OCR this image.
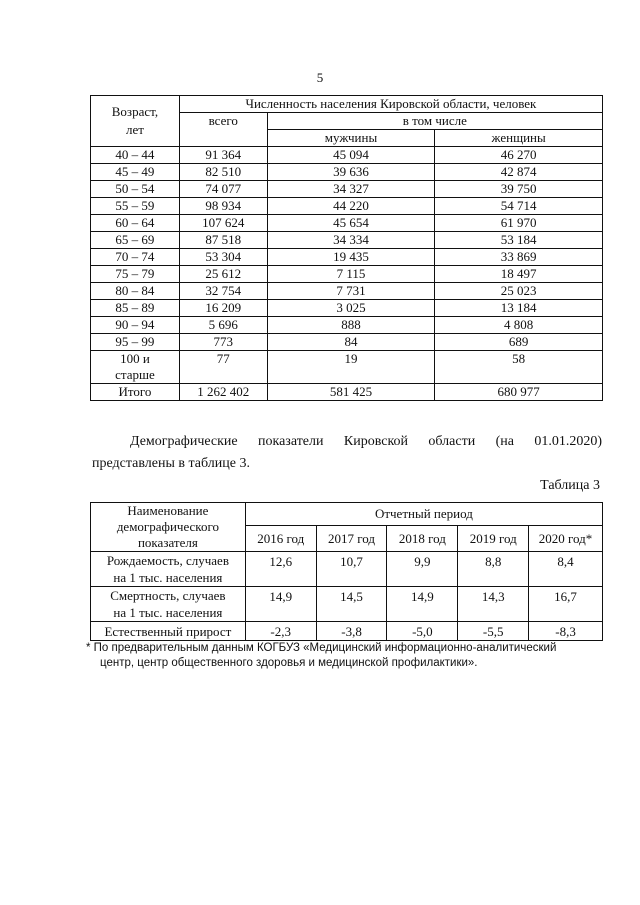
5
Возраст,
лет	Численность населения Кировской области, человек		
	всего	в том числе	
		мужчины	женщины
40 – 44	91 364	45 094	46 270
45 – 49	82 510	39 636	42 874
50 – 54	74 077	34 327	39 750
55 – 59	98 934	44 220	54 714
60 – 64	107 624	45 654	61 970
65 – 69	87 518	34 334	53 184
70 – 74	53 304	19 435	33 869
75 – 79	25 612	7 115	18 497
80 – 84	32 754	7 731	25 023
85 – 89	16 209	3 025	13 184
90 – 94	5 696	888	4 808
95 – 99	773	84	689
100 и
старше	77	19	58
Итого	1 262 402	581 425	680 977
Демографические показатели Кировской области (на 01.01.2020)
представлены в таблице 3.
Таблица 3
Наименование
демографического
показателя	Отчетный период				
	2016 год	2017 год	2018 год	2019 год	2020 год*
Рождаемость, случаев
на 1 тыс. населения	12,6	10,7	9,9	8,8	8,4
Смертность, случаев
на 1 тыс. населения	14,9	14,5	14,9	14,3	16,7
Естественный прирост	-2,3	-3,8	-5,0	-5,5	-8,3
* По предварительным данным КОГБУЗ «Медицинский информационно-аналитический
центр, центр общественного здоровья и медицинской профилактики».
